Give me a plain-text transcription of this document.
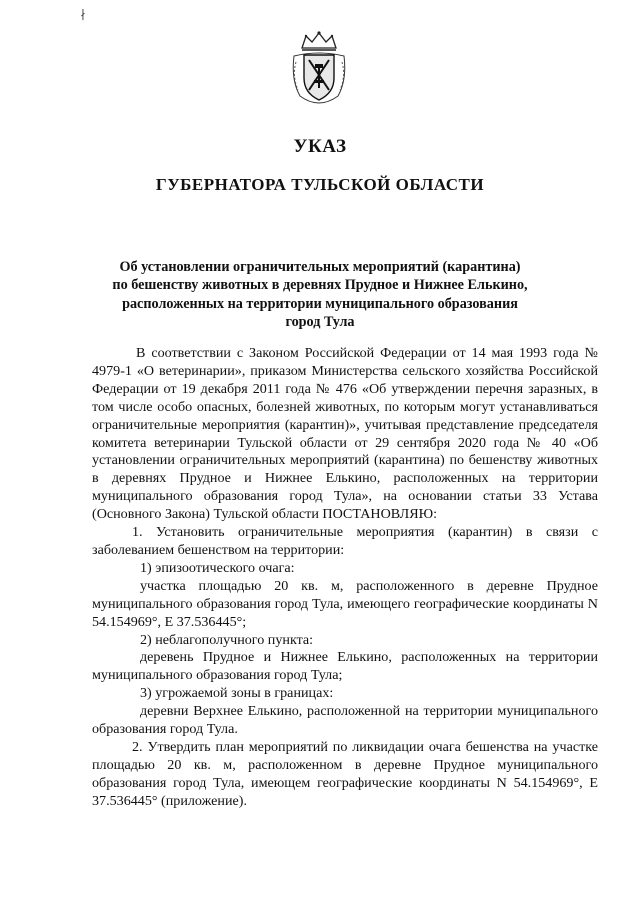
∤
УКАЗ
ГУБЕРНАТОРА ТУЛЬСКОЙ ОБЛАСТИ
Об установлении ограничительных мероприятий (карантина)
по бешенству животных в деревнях Прудное и Нижнее Елькино,
расположенных на территории муниципального образования
город Тула

В соответствии с Законом Российской Федерации от 14 мая 1993 года № 4979-1 «О ветеринарии», приказом Министерства сельского хозяйства Российской Федерации от 19 декабря 2011 года № 476 «Об утверждении перечня заразных, в том числе особо опасных, болезней животных, по которым могут устанавливаться ограничительные мероприятия (карантин)», учитывая представление председателя комитета ветеринарии Тульской области от 29 сентября 2020 года № 40 «Об установлении ограничительных мероприятий (карантина) по бешенству животных в деревнях Прудное и Нижнее Елькино, расположенных на территории муниципального образования город Тула», на основании статьи 33 Устава (Основного Закона) Тульской области ПОСТАНОВЛЯЮ:

1. Установить ограничительные мероприятия (карантин) в связи с заболеванием бешенством на территории:

1) эпизоотического очага:

участка площадью 20 кв. м, расположенного в деревне Прудное муниципального образования город Тула, имеющего географические координаты N 54.154969°, Е 37.536445°;

2) неблагополучного пункта:

деревень Прудное и Нижнее Елькино, расположенных на территории муниципального образования город Тула;

3) угрожаемой зоны в границах:

деревни Верхнее Елькино, расположенной на территории муниципального образования город Тула.

2. Утвердить план мероприятий по ликвидации очага бешенства на участке площадью 20 кв. м, расположенном в деревне Прудное муниципального образования город Тула, имеющем географические координаты N 54.154969°, Е 37.536445° (приложение).
